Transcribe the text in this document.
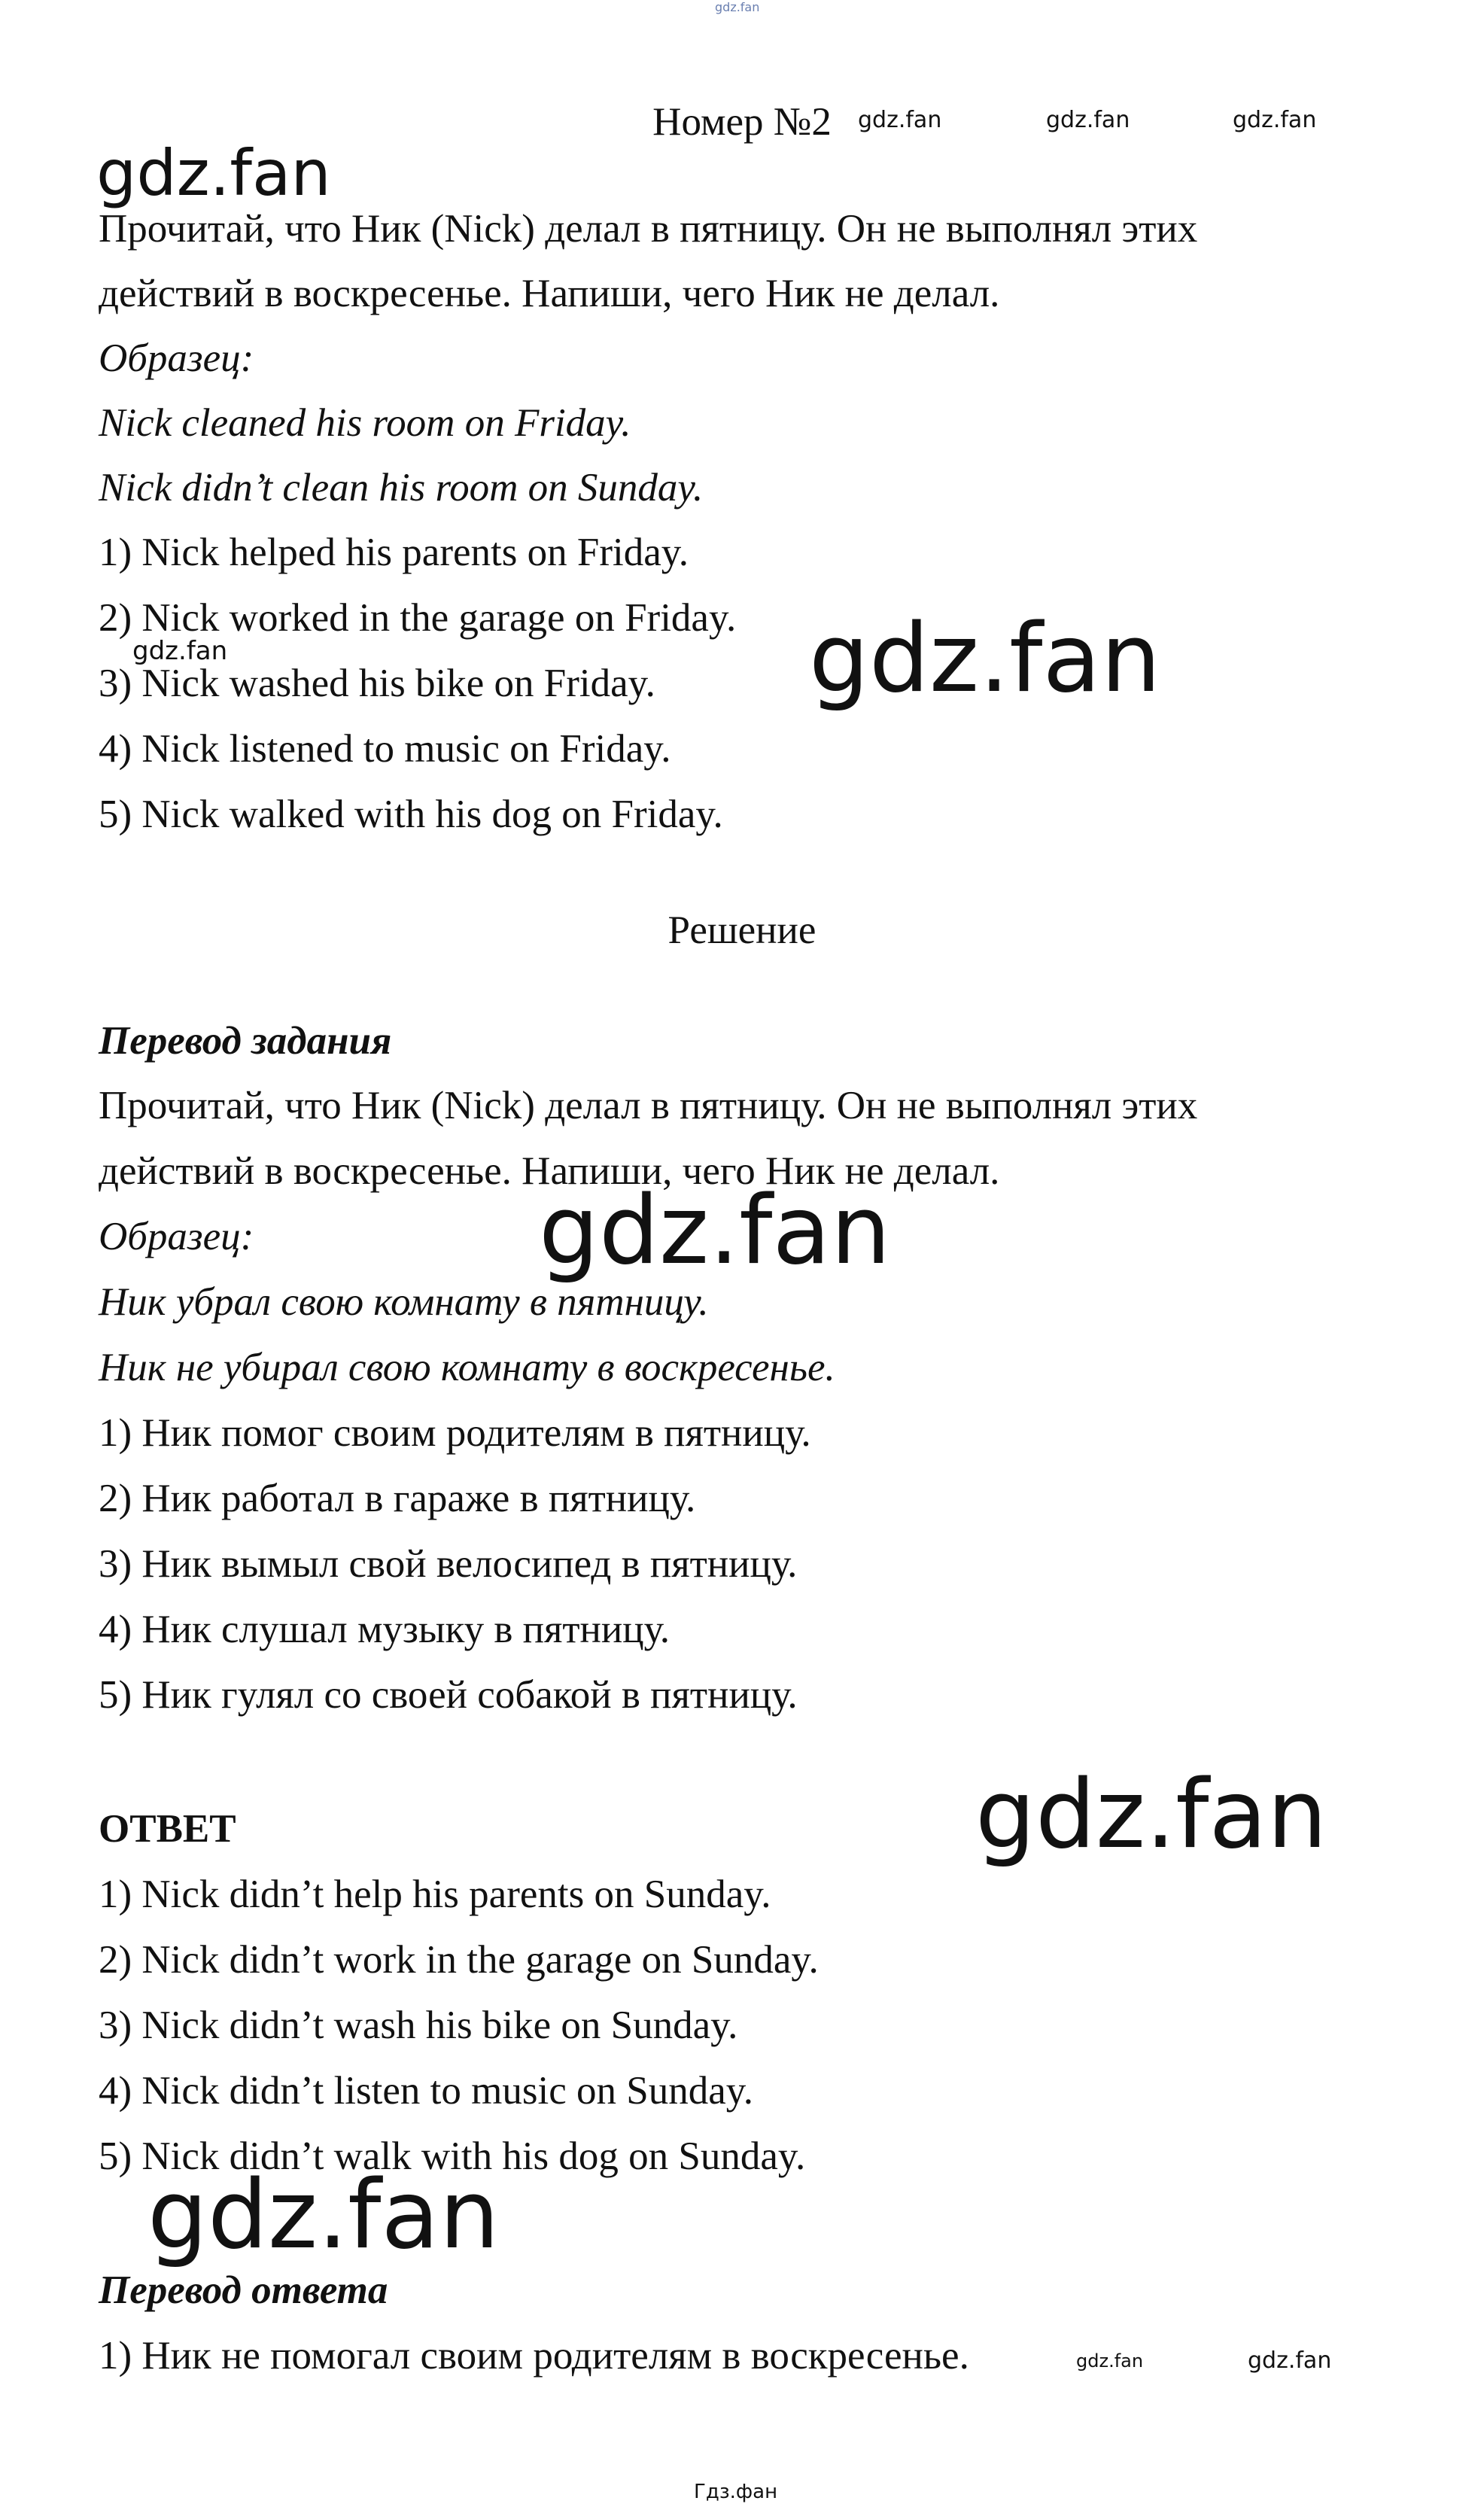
Номер №2
Прочитай, что Ник (Nick) делал в пятницу. Он не выполнял этих
действий в воскресенье. Напиши, чего Ник не делал.
Образец:
Nick cleaned his room on Friday.
Nick didn’t clean his room on Sunday.
1) Nick helped his parents on Friday.
2) Nick worked in the garage on Friday.
3) Nick washed his bike on Friday.
4) Nick listened to music on Friday.
5) Nick walked with his dog on Friday.
Решение
Перевод задания
Прочитай, что Ник (Nick) делал в пятницу. Он не выполнял этих
действий в воскресенье. Напиши, чего Ник не делал.
Образец:
Ник убрал свою комнату в пятницу.
Ник не убирал свою комнату в воскресенье.
1) Ник помог своим родителям в пятницу.
2) Ник работал в гараже в пятницу.
3) Ник вымыл свой велосипед в пятницу.
4) Ник слушал музыку в пятницу.
5) Ник гулял со своей собакой в пятницу.
ОТВЕТ
1) Nick didn’t help his parents on Sunday.
2) Nick didn’t work in the garage on Sunday.
3) Nick didn’t wash his bike on Sunday.
4) Nick didn’t listen to music on Sunday.
5) Nick didn’t walk with his dog on Sunday.
Перевод ответа
1) Ник не помогал своим родителям в воскресенье.
gdz.fan
gdz.fan	gdz.fan	gdz.fan
gdz.fan
gdz.fan
gdz.fan
gdz.fan
gdz.fan
gdz.fan
gdz.fan	gdz.fan
Гдз.фан
